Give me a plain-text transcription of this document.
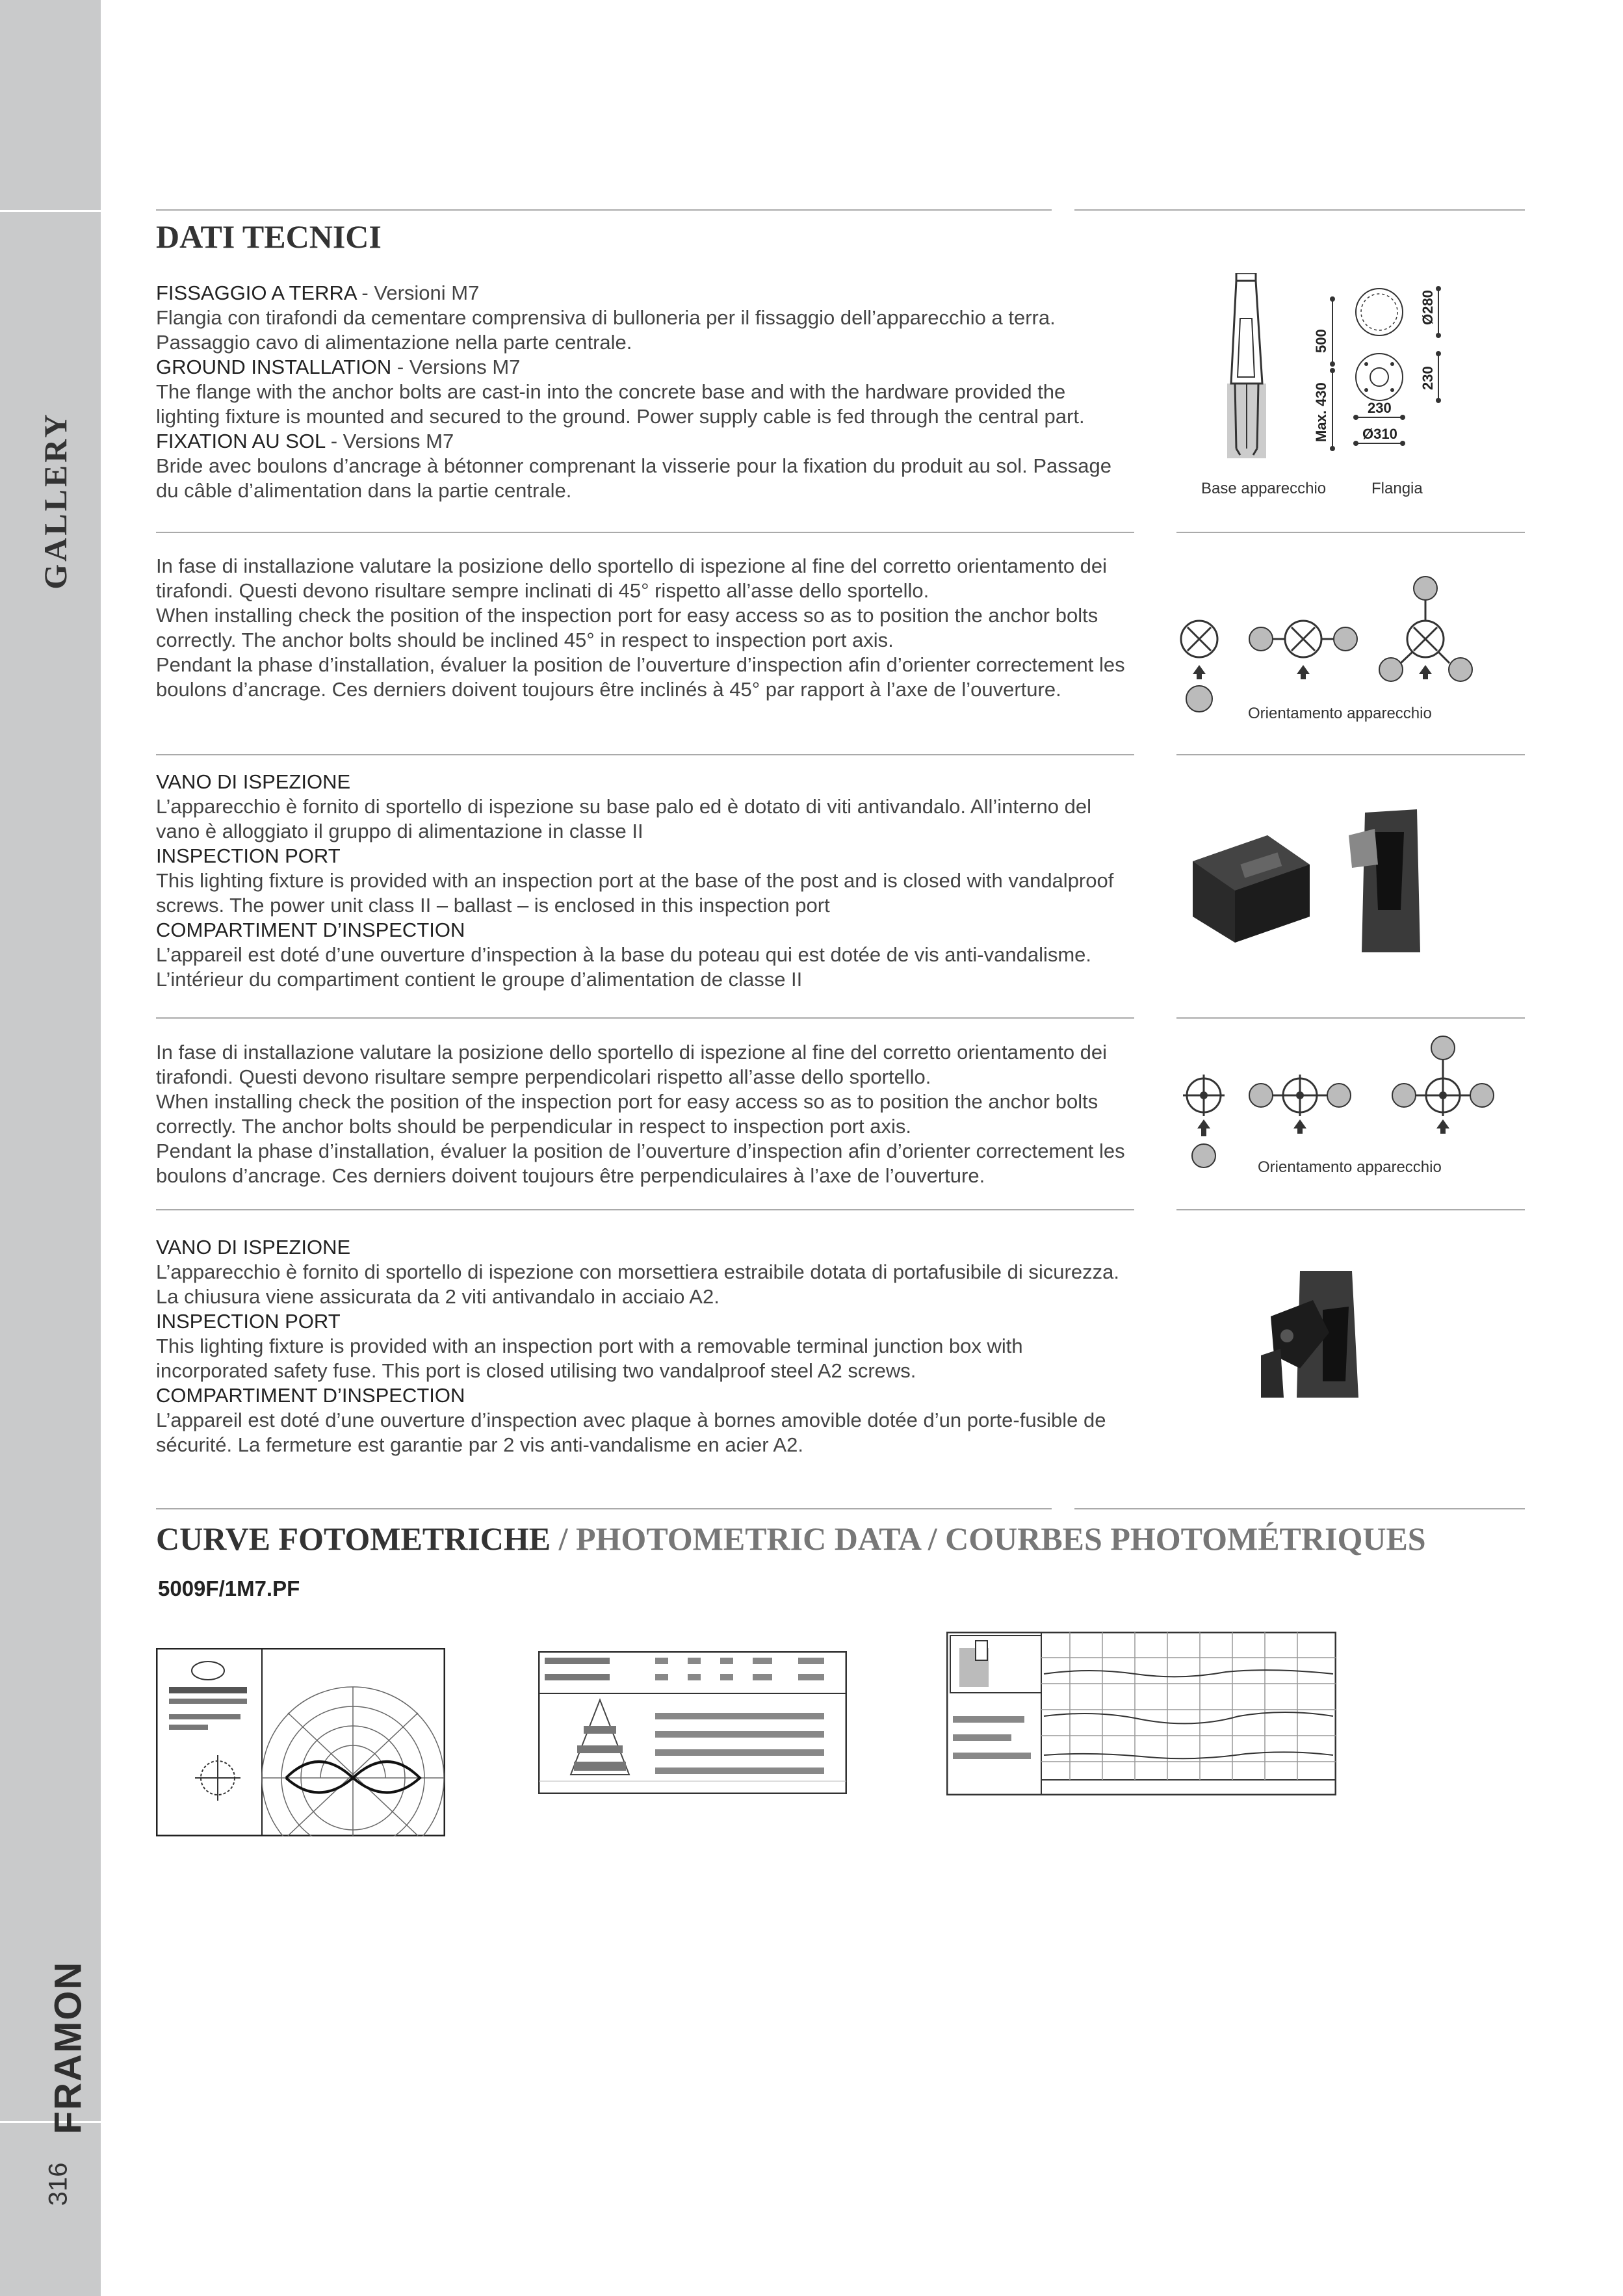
GALLERY
FRAMON
316
DATI TECNICI

FISSAGGIO A TERRA - Versioni M7

Flangia con tirafondi da cementare comprensiva di bulloneria per il fissaggio dell’apparecchio a terra. Passaggio cavo di alimentazione nella parte centrale.

GROUND INSTALLATION - Versions M7

The flange with the anchor bolts are cast-in into the concrete base and with the hardware provided the lighting fixture is mounted and secured to the ground. Power supply cable is fed through the central part.

FIXATION AU SOL - Versions M7

Bride avec boulons d’ancrage à bétonner comprenant la visserie pour la fixation du produit au sol. Passage du câble d’alimentation dans la partie centrale.

500
Max. 430	230
Ø310
Ø280
230
Base apparecchio	Flangia

In fase di installazione valutare la posizione dello sportello di ispezione al fine del corretto orientamento dei tirafondi. Questi devono risultare sempre inclinati di 45° rispetto all’asse dello sportello.

When installing check the position of the inspection port for easy access so as to position the anchor bolts correctly. The anchor bolts should be inclined 45° in respect to inspection port axis.

Pendant la phase d’installation, évaluer la position de l’ouverture d’inspection afin d’orienter correctement les boulons d’ancrage. Ces derniers doivent toujours être inclinés à 45° par rapport à l’axe de l’ouverture.

Orientamento apparecchio

VANO DI ISPEZIONE

L’apparecchio è fornito di sportello di ispezione su base palo ed è dotato di viti antivandalo. All’interno del vano è alloggiato il gruppo di alimentazione in classe II

INSPECTION PORT

This lighting fixture is provided with an inspection port at the base of the post and is closed with vandalproof screws. The power unit class II – ballast – is enclosed in this inspection port

COMPARTIMENT D’INSPECTION

L’appareil est doté d’une ouverture d’inspection à la base du poteau qui est dotée de vis anti-vandalisme. L’intérieur du compartiment contient le groupe d’alimentation de classe II

In fase di installazione valutare la posizione dello sportello di ispezione al fine del corretto orientamento dei tirafondi. Questi devono risultare sempre perpendicolari rispetto all’asse dello sportello.

When installing check the position of the inspection port for easy access so as to position the anchor bolts correctly. The anchor bolts should be perpendicular in respect to inspection port axis.

Pendant la phase d’installation, évaluer la position de l’ouverture d’inspection afin d’orienter correctement les boulons d’ancrage. Ces derniers doivent toujours être perpendiculaires à l’axe de l’ouverture.	Orientamento apparecchio

VANO DI ISPEZIONE

L’apparecchio è fornito di sportello di ispezione con morsettiera estraibile dotata di portafusibile di sicurezza. La chiusura viene assicurata da 2 viti antivandalo in acciaio A2.

INSPECTION PORT

This lighting fixture is provided with an inspection port with a removable terminal junction box with incorporated safety fuse. This port is closed utilising two vandalproof steel A2 screws.

COMPARTIMENT D’INSPECTION

L’appareil est doté d’une ouverture d’inspection avec plaque à bornes amovible dotée d’un porte-fusible de sécurité. La fermeture est garantie par 2 vis anti-vandalisme en acier A2.

CURVE FOTOMETRICHE / PHOTOMETRIC DATA / COURBES PHOTOMÉTRIQUES
5009F/1M7.PF
